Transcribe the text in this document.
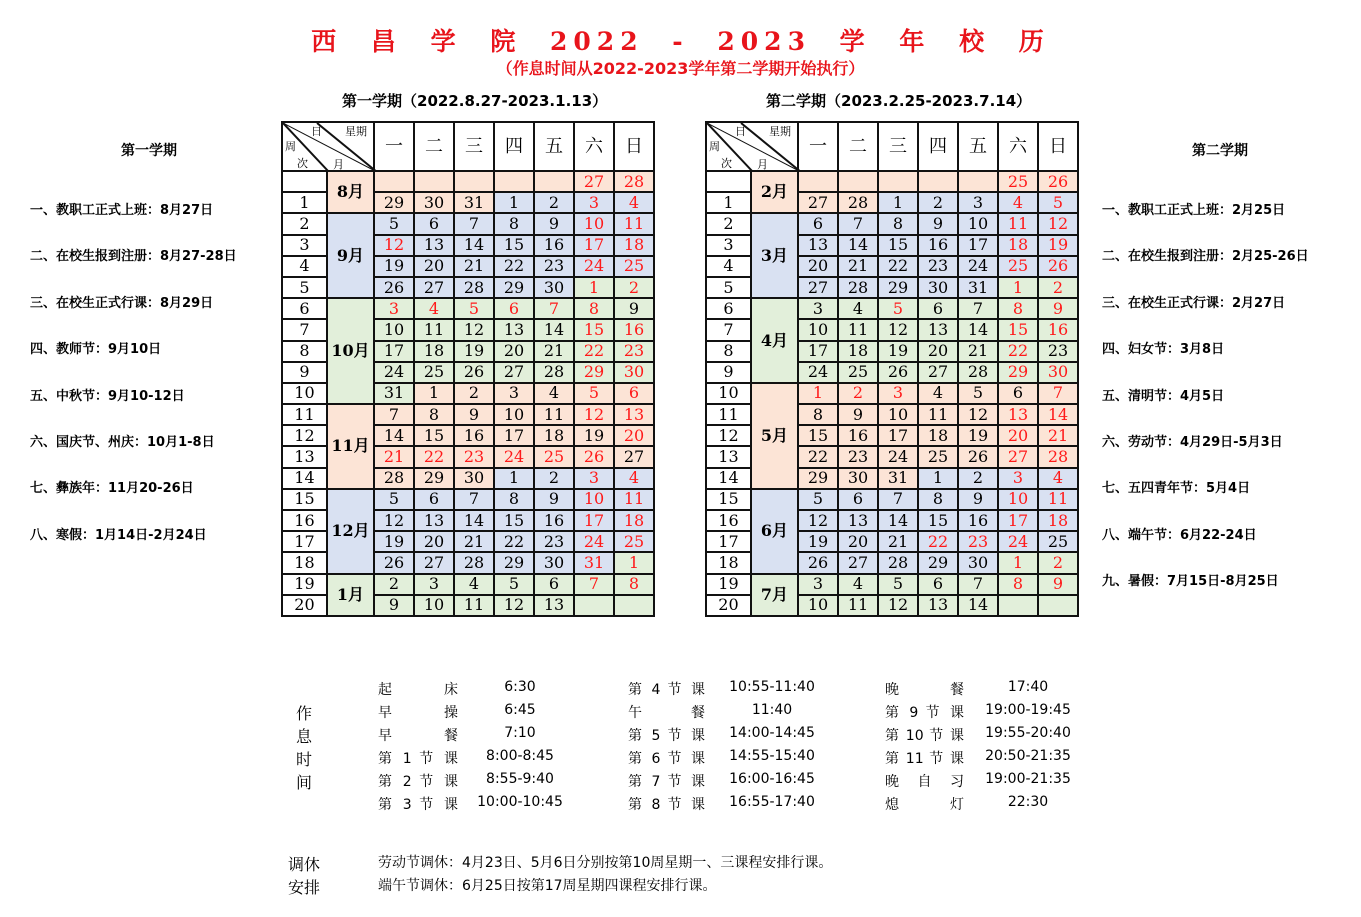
西 昌 学 院 2022 - 2023 学 年 校 历
（作息时间从2022-2023学年第二学期开始执行）
第一学期（2022.8.27-2023.1.13）	第二学期（2023.2.25-2023.7.14）
第一学期	第二学期
一、教职工正式上班：8月27日
二、在校生报到注册：8月27-28日
三、在校生正式行课：8月29日
四、教师节：9月10日
五、中秋节：9月10-12日
六、国庆节、州庆：10月1-8日
七、彝族年：11月20-26日
八、寒假：1月14日-2月24日
一、教职工正式上班：2月25日
二、在校生报到注册：2月25-26日
三、在校生正式行课：2月27日
四、妇女节：3月8日
五、清明节：4月5日
六、劳动节：4月29日-5月3日
七、五四青年节：5月4日
八、端午节：6月22-24日
九、暑假：7月15日-8月25日
周
次
日 星期
月		一	二	三	四	五	六	日
	8月						27	28
1		29	30	31	1	2	3	4
2	9月	5	6	7	8	9	10	11
3		12	13	14	15	16	17	18
4		19	20	21	22	23	24	25
5		26	27	28	29	30	1	2
6	10月	3	4	5	6	7	8	9
7		10	11	12	13	14	15	16
8		17	18	19	20	21	22	23
9		24	25	26	27	28	29	30
10		31	1	2	3	4	5	6
11	11月	7	8	9	10	11	12	13
12		14	15	16	17	18	19	20
13		21	22	23	24	25	26	27
14		28	29	30	1	2	3	4
15	12月	5	6	7	8	9	10	11
16		12	13	14	15	16	17	18
17		19	20	21	22	23	24	25
18		26	27	28	29	30	31	1
19	1月	2	3	4	5	6	7	8
20		9	10	11	12	13		
周
次
日 星期
月		一	二	三	四	五	六	日
	2月						25	26
1		27	28	1	2	3	4	5
2	3月	6	7	8	9	10	11	12
3		13	14	15	16	17	18	19
4		20	21	22	23	24	25	26
5		27	28	29	30	31	1	2
6	4月	3	4	5	6	7	8	9
7		10	11	12	13	14	15	16
8		17	18	19	20	21	22	23
9		24	25	26	27	28	29	30
10	5月	1	2	3	4	5	6	7
11		8	9	10	11	12	13	14
12		15	16	17	18	19	20	21
13		22	23	24	25	26	27	28
14		29	30	31	1	2	3	4
15	6月	5	6	7	8	9	10	11
16		12	13	14	15	16	17	18
17		19	20	21	22	23	24	25
18		26	27	28	29	30	1	2
19	7月	3	4	5	6	7	8	9
20		10	11	12	13	14		
作
息
时
间
起 床	6:30
早 操	6:45
早 餐	7:10
第 1 节 课	8:00-8:45
第 2 节 课	8:55-9:40
第 3 节 课	10:00-10:45
第 4 节 课	10:55-11:40
午 餐	11:40
第 5 节 课	14:00-14:45
第 6 节 课	14:55-15:40
第 7 节 课	16:00-16:45
第 8 节 课	16:55-17:40
晚 餐	17:40
第 9 节 课	19:00-19:45
第 10 节 课	19:55-20:40
第 11 节 课	20:50-21:35
晚 自 习	19:00-21:35
熄 灯	22:30
调休
安排
劳动节调休：4月23日、5月6日分别按第10周星期一、三课程安排行课。
端午节调休：6月25日按第17周星期四课程安排行课。
